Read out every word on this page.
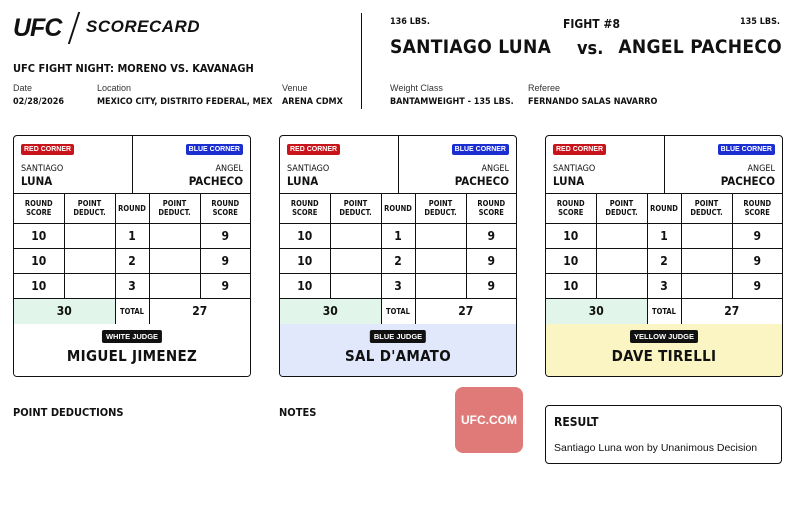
UFC SCORECARD
UFC FIGHT NIGHT: MORENO VS. KAVANAGH
Date
02/28/2026
Location
MEXICO CITY, DISTRITO FEDERAL, MEX
Venue
ARENA CDMX
136 LBS.	FIGHT #8	135 LBS.
SANTIAGO LUNA vs. ANGEL PACHECO
Weight Class
BANTAMWEIGHT - 135 LBS.
Referee
FERNANDO SALAS NAVARRO
RED CORNER	BLUE CORNER
SANTIAGO
LUNA
ANGEL
PACHECO
ROUND SCORE	POINT DEDUCT.	ROUND	POINT DEDUCT.	ROUND SCORE
10		1		9
10		2		9
10		3		9
30		TOTAL	27	
WHITE JUDGE
MIGUEL JIMENEZ
RED CORNER	BLUE CORNER
SANTIAGO
LUNA
ANGEL
PACHECO
ROUND SCORE	POINT DEDUCT.	ROUND	POINT DEDUCT.	ROUND SCORE
10		1		9
10		2		9
10		3		9
30		TOTAL	27	
BLUE JUDGE
SAL D'AMATO
RED CORNER	BLUE CORNER
SANTIAGO
LUNA
ANGEL
PACHECO
ROUND SCORE	POINT DEDUCT.	ROUND	POINT DEDUCT.	ROUND SCORE
10		1		9
10		2		9
10		3		9
30		TOTAL	27	
YELLOW JUDGE
DAVE TIRELLI
POINT DEDUCTIONS	NOTES
UFC.COM	RESULT
Santiago Luna won by Unanimous Decision
